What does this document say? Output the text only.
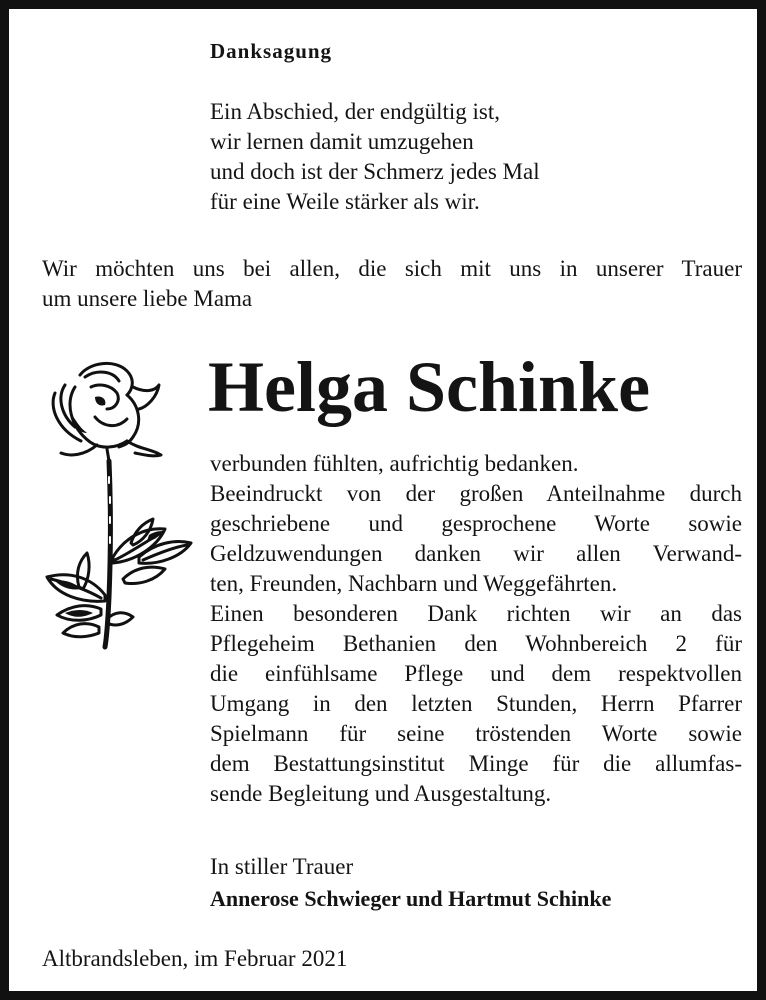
Danksagung
Ein Abschied, der endgültig ist,
wir lernen damit umzugehen
und doch ist der Schmerz jedes Mal
für eine Weile stärker als wir.
Wir möchten uns bei allen, die sich mit uns in unserer Trauer
um unsere liebe Mama
Helga Schinke
verbunden fühlten, aufrichtig bedanken.
Beeindruckt von der großen Anteilnahme durch
geschriebene und gesprochene Worte sowie
Geldzuwendungen danken wir allen Verwand-
ten, Freunden, Nachbarn und Weggefährten.
Einen besonderen Dank richten wir an das
Pflegeheim Bethanien den Wohnbereich 2 für
die einfühlsame Pflege und dem respektvollen
Umgang in den letzten Stunden, Herrn Pfarrer
Spielmann für seine tröstenden Worte sowie
dem Bestattungsinstitut Minge für die allumfas-
sende Begleitung und Ausgestaltung.
In stiller Trauer
Annerose Schwieger und Hartmut Schinke
Altbrandsleben, im Februar 2021
